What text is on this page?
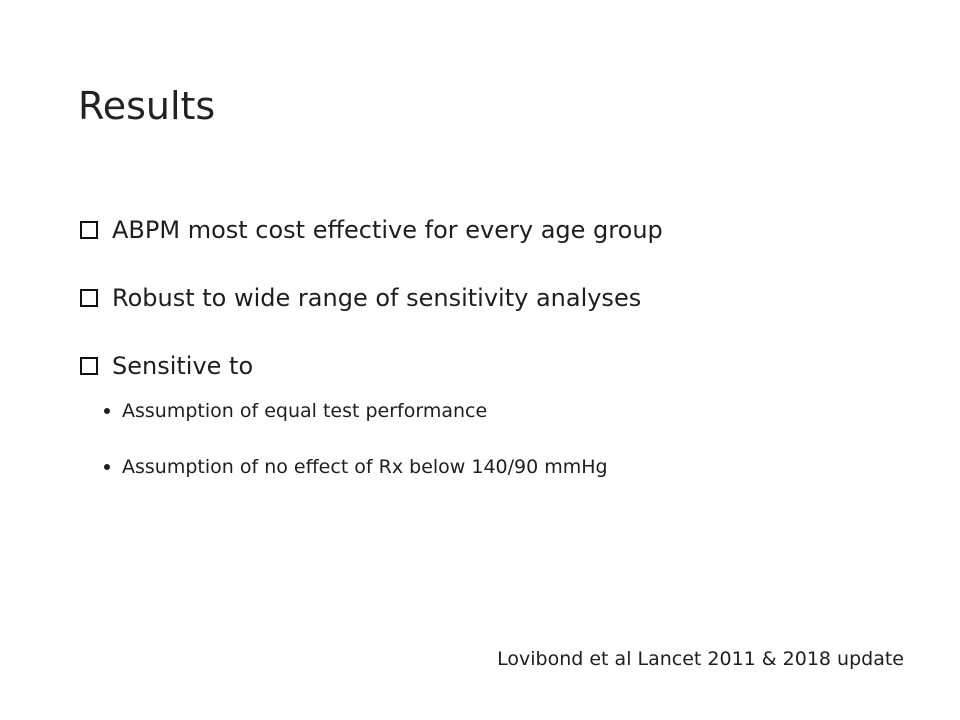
Results
ABPM most cost effective for every age group
Robust to wide range of sensitivity analyses
Sensitive to
Assumption of equal test performance
Assumption of no effect of Rx below 140/90 mmHg
Lovibond et al Lancet 2011 & 2018 update
